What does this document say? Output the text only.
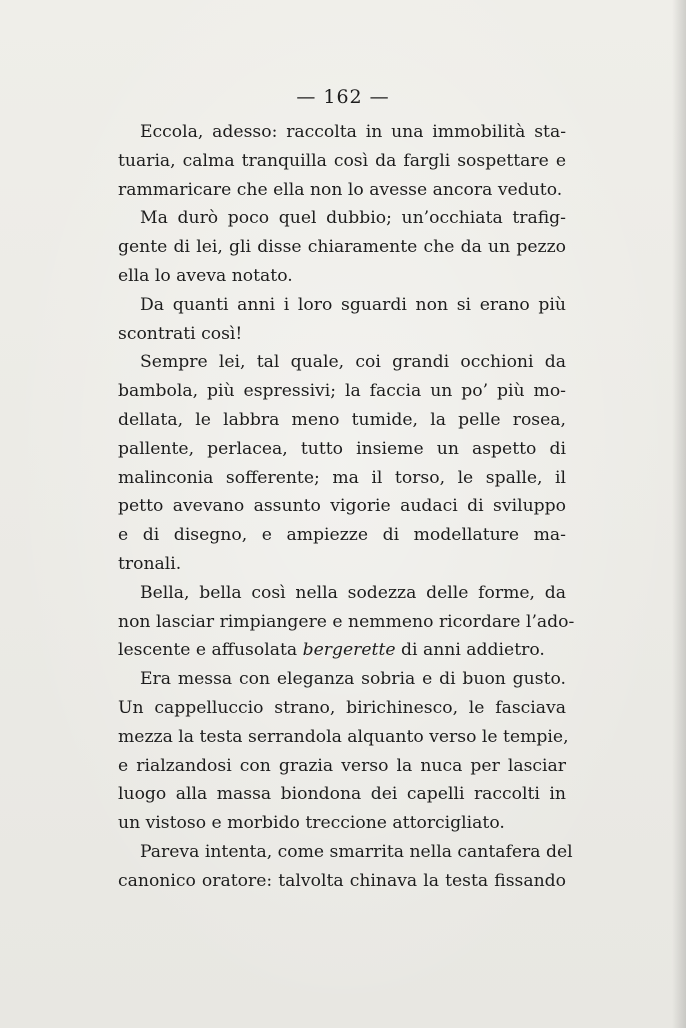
— 162 —
Eccola, adesso: raccolta in una immobilità sta-
tuaria, calma tranquilla così da fargli sospettare e
rammaricare che ella non lo avesse ancora veduto.
Ma durò poco quel dubbio; un’occhiata trafig-
gente di lei, gli disse chiaramente che da un pezzo
ella lo aveva notato.
Da quanti anni i loro sguardi non si erano più
scontrati così!
Sempre lei, tal quale, coi grandi occhioni da
bambola, più espressivi; la faccia un po’ più mo-
dellata, le labbra meno tumide, la pelle rosea,
pallente, perlacea, tutto insieme un aspetto di
malinconia sofferente; ma il torso, le spalle, il
petto avevano assunto vigorie audaci di sviluppo
e di disegno, e ampiezze di modellature ma-
tronali.
Bella, bella così nella sodezza delle forme, da
non lasciar rimpiangere e nemmeno ricordare l’ado-
lescente e affusolata bergerette di anni addietro.
Era messa con eleganza sobria e di buon gusto.
Un cappelluccio strano, birichinesco, le fasciava
mezza la testa serrandola alquanto verso le tempie,
e rialzandosi con grazia verso la nuca per lasciar
luogo alla massa biondona dei capelli raccolti in
un vistoso e morbido treccione attorcigliato.
Pareva intenta, come smarrita nella cantafera del
canonico oratore: talvolta chinava la testa fissando
